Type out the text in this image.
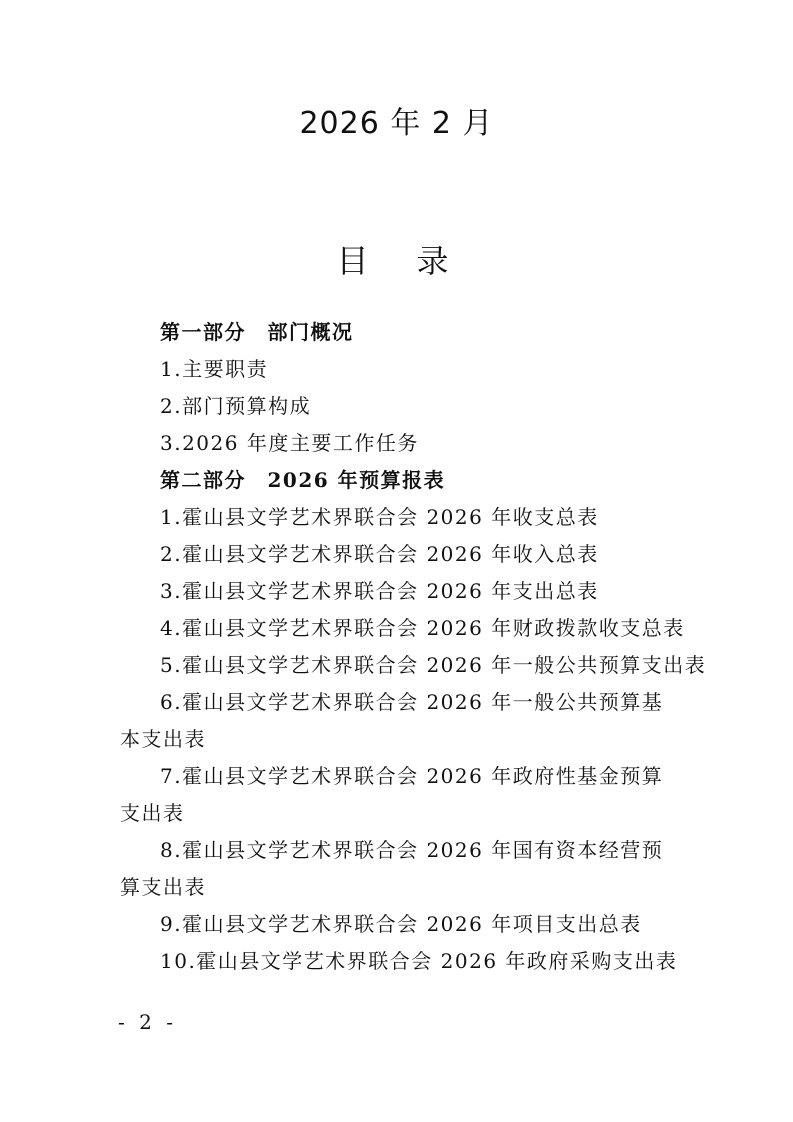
2026 年 2 月
目　录
第一部分　部门概况
1.主要职责
2.部门预算构成
3.2026 年度主要工作任务
第二部分　2026 年预算报表
1.霍山县文学艺术界联合会 2026 年收支总表
2.霍山县文学艺术界联合会 2026 年收入总表
3.霍山县文学艺术界联合会 2026 年支出总表
4.霍山县文学艺术界联合会 2026 年财政拨款收支总表
5.霍山县文学艺术界联合会 2026 年一般公共预算支出表
6.霍山县文学艺术界联合会 2026 年一般公共预算基本支出表
7.霍山县文学艺术界联合会 2026 年政府性基金预算支出表
8.霍山县文学艺术界联合会 2026 年国有资本经营预算支出表
9.霍山县文学艺术界联合会 2026 年项目支出总表
10.霍山县文学艺术界联合会 2026 年政府采购支出表
- 2 -
